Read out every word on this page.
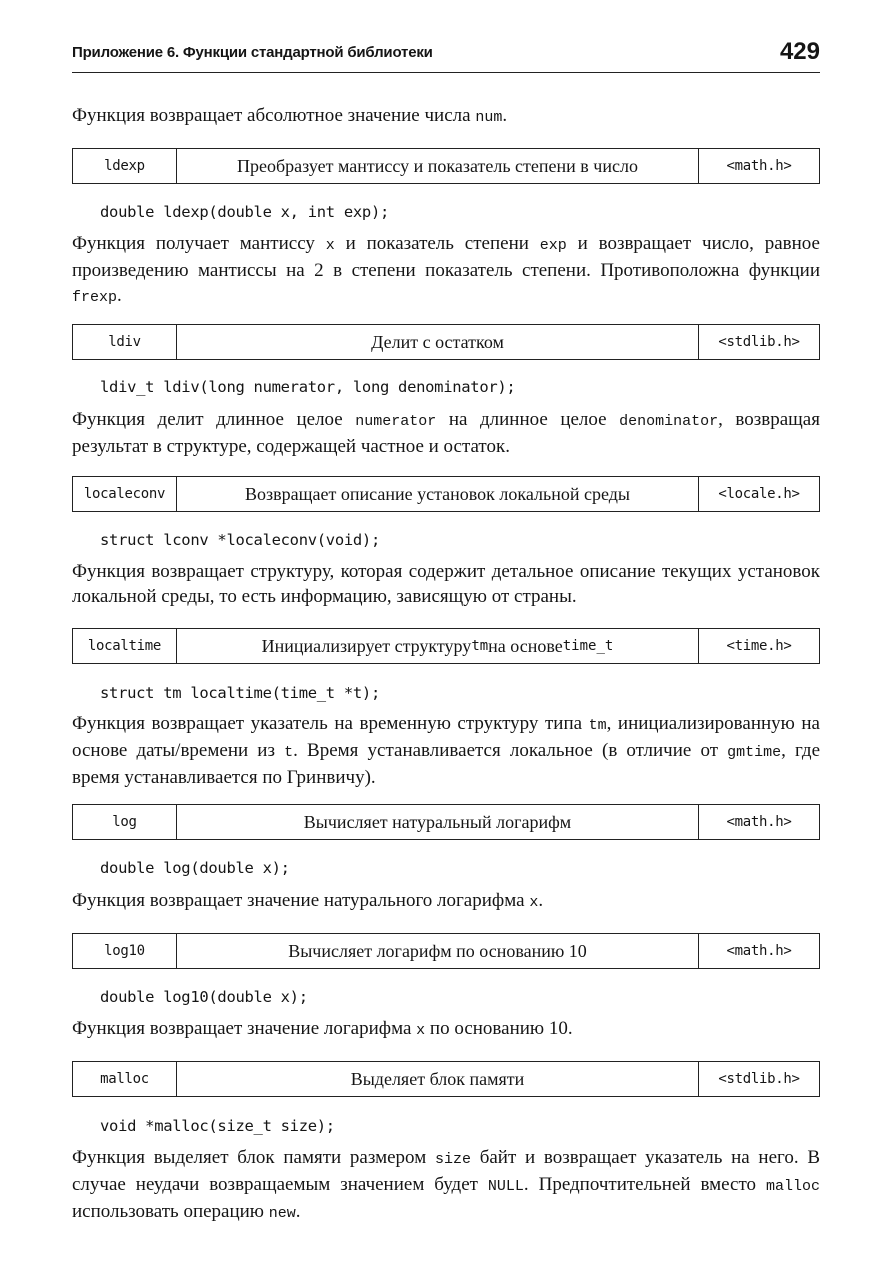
Приложение 6. Функции стандартной библиотеки	429
Функция возвращает абсолютное значение числа num.
ldexp	Преобразует мантиссу и показатель степени в число	<math.h>
double ldexp(double x, int exp);
Функция получает мантиссу x и показатель степени exp и возвращает число, равное произведению мантиссы на 2 в степени показатель степени. Противоположна функции frexp.
ldiv	Делит с остатком	<stdlib.h>
ldiv_t ldiv(long numerator, long denominator);
Функция делит длинное целое numerator на длинное целое denominator, возвращая результат в структуре, содержащей частное и остаток.
localeconv	Возвращает описание установок локальной среды	<locale.h>
struct lconv *localeconv(void);
Функция возвращает структуру, которая содержит детальное описание текущих установок локальной среды, то есть информацию, зависящую от страны.
localtime	Инициализирует структуру tm на основе time_t	<time.h>
struct tm localtime(time_t *t);
Функция возвращает указатель на временную структуру типа tm, инициализированную на основе даты/времени из t. Время устанавливается локальное (в отличие от gmtime, где время устанавливается по Гринвичу).
log	Вычисляет натуральный логарифм	<math.h>
double log(double x);
Функция возвращает значение натурального логарифма x.
log10	Вычисляет логарифм по основанию 10	<math.h>
double log10(double x);
Функция возвращает значение логарифма x по основанию 10.
malloc	Выделяет блок памяти	<stdlib.h>
void *malloc(size_t size);
Функция выделяет блок памяти размером size байт и возвращает указатель на него. В случае неудачи возвращаемым значением будет NULL. Предпочтительней вместо malloc использовать операцию new.
